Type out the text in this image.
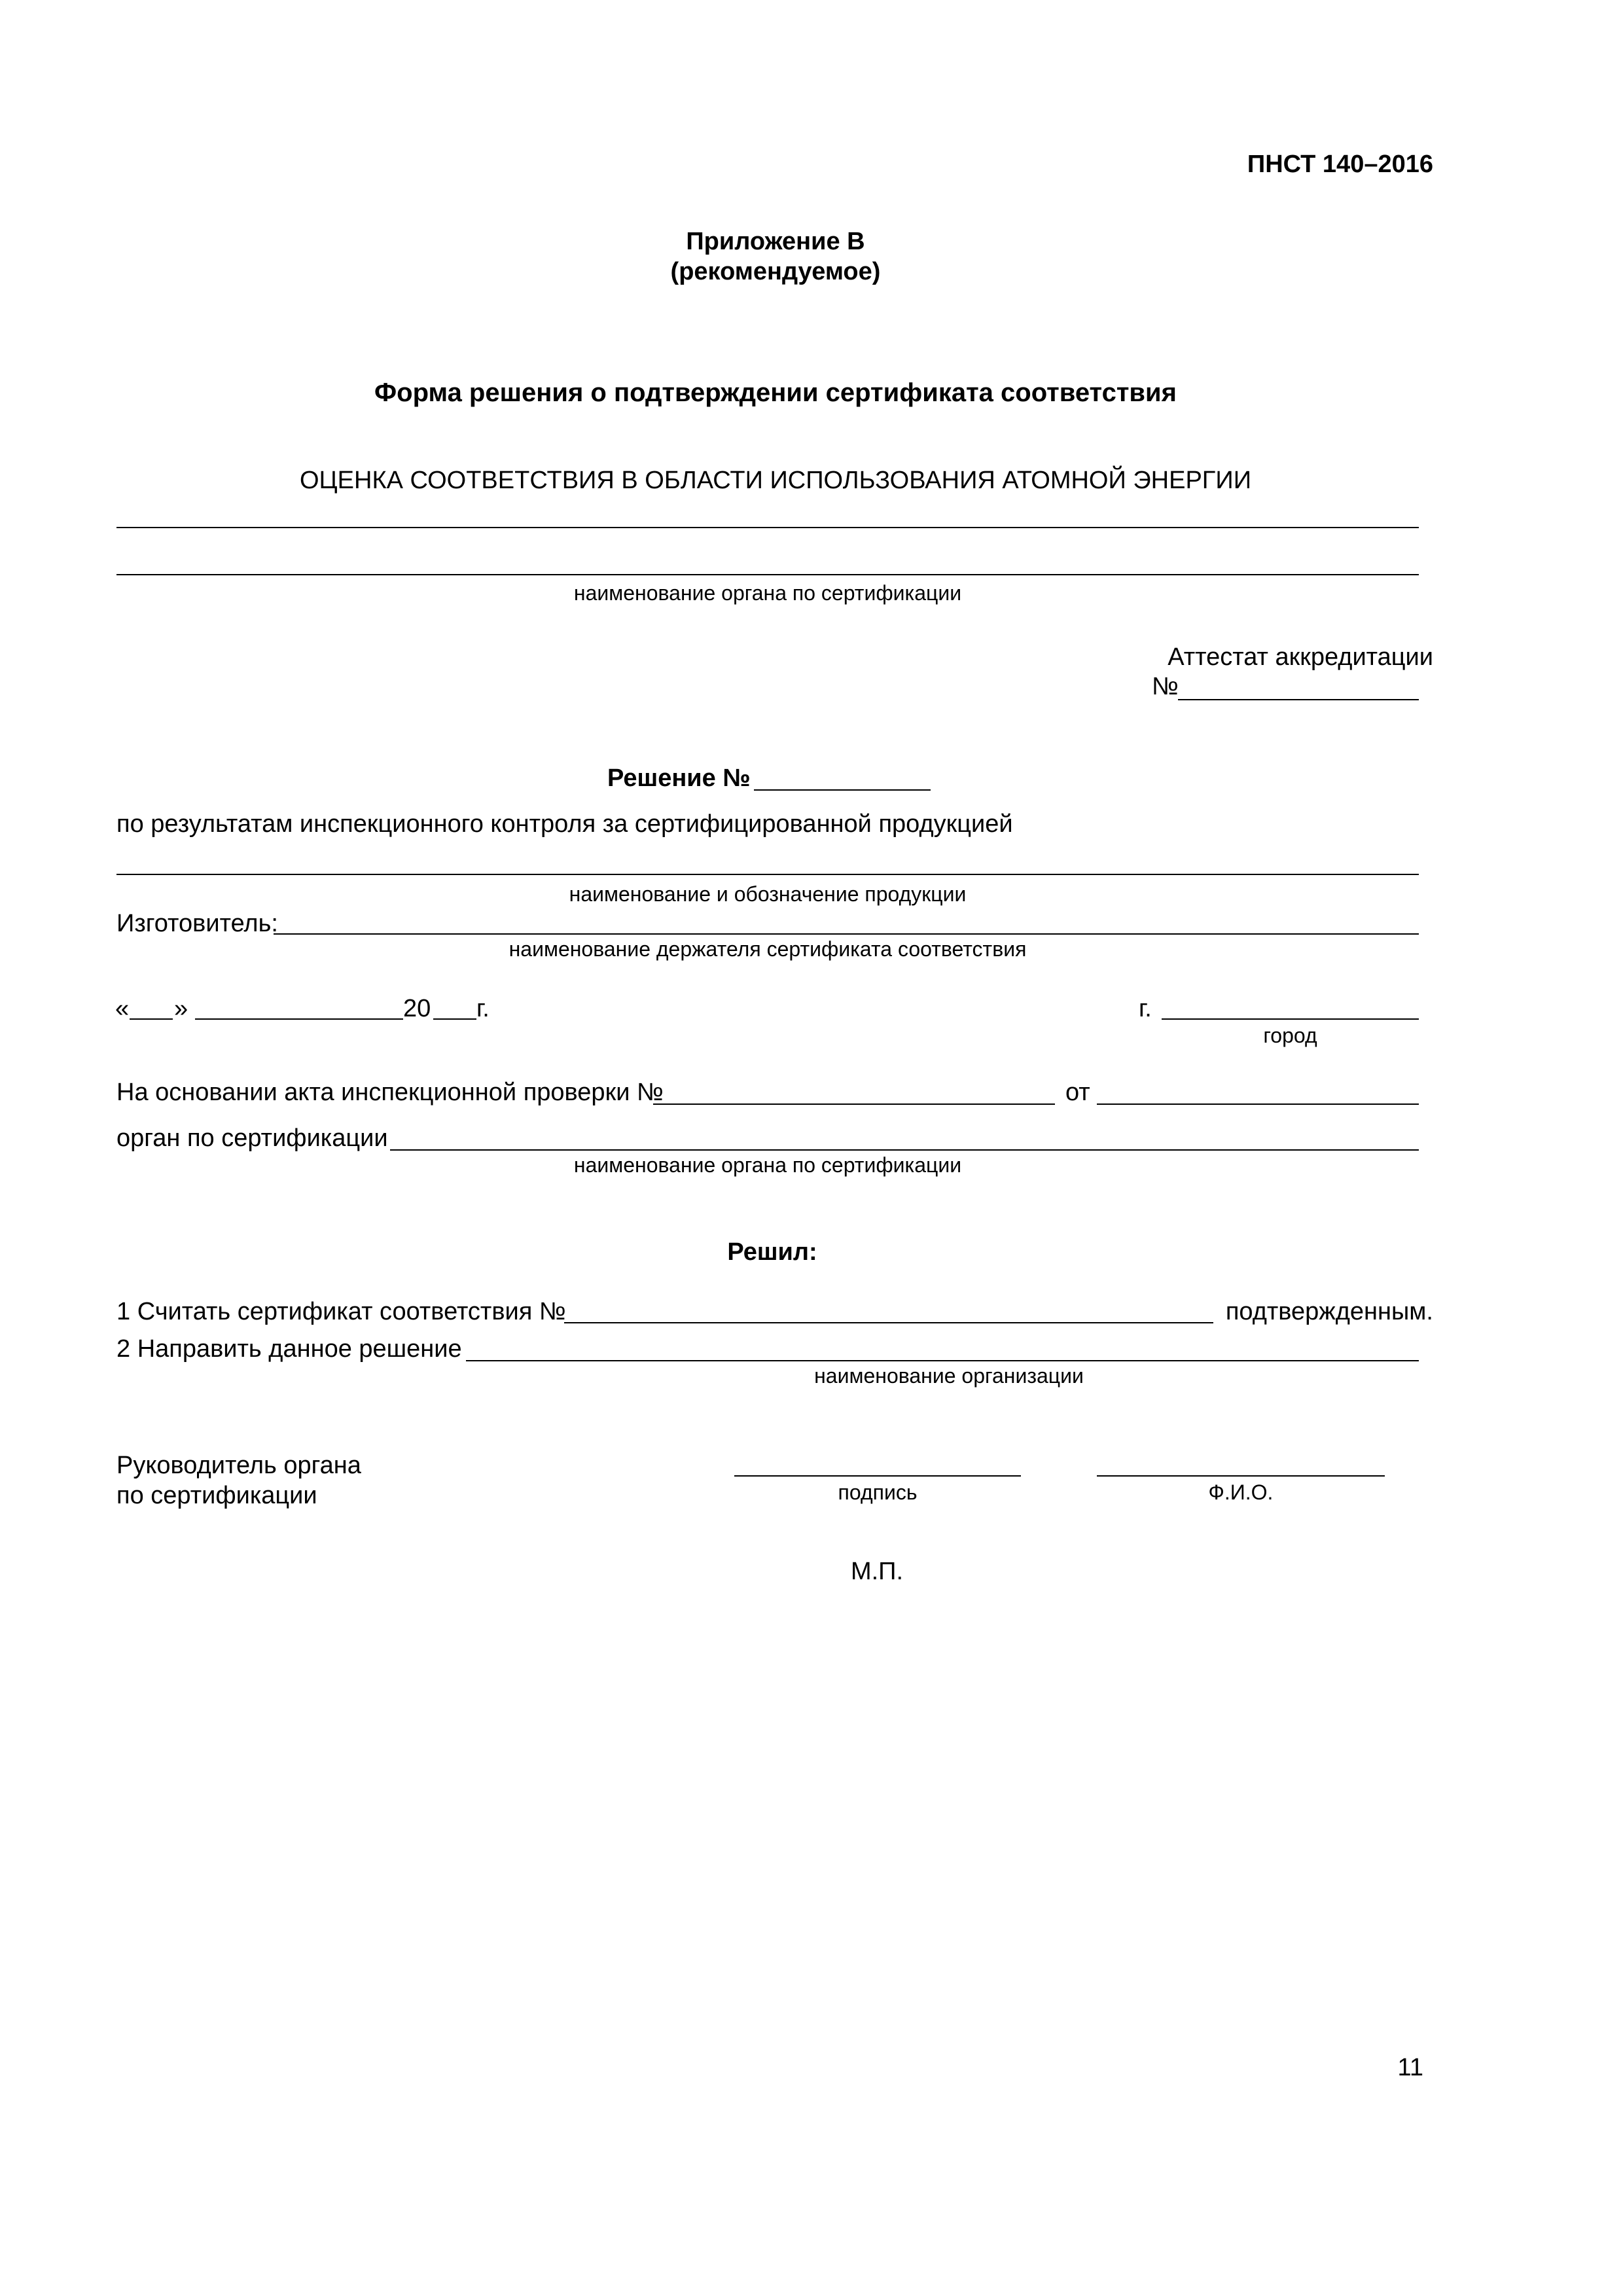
ПНСТ 140–2016
Приложение В
(рекомендуемое)
Форма решения о подтверждении сертификата соответствия
ОЦЕНКА СООТВЕТСТВИЯ В ОБЛАСТИ ИСПОЛЬЗОВАНИЯ АТОМНОЙ ЭНЕРГИИ
наименование органа по сертификации
Аттестат аккредитации
№
Решение №
по результатам инспекционного контроля за сертифицированной продукцией
наименование и обозначение продукции
Изготовитель:
наименование держателя сертификата соответствия
« »	20 г.	г.
город
На основании акта инспекционной проверки №	от
орган по сертификации
наименование органа по сертификации
Решил:
1 Считать сертификат соответствия №	подтвержденным.
2 Направить данное решение
наименование организации
Руководитель органа
по сертификации	подпись	Ф.И.О.
М.П.
11
